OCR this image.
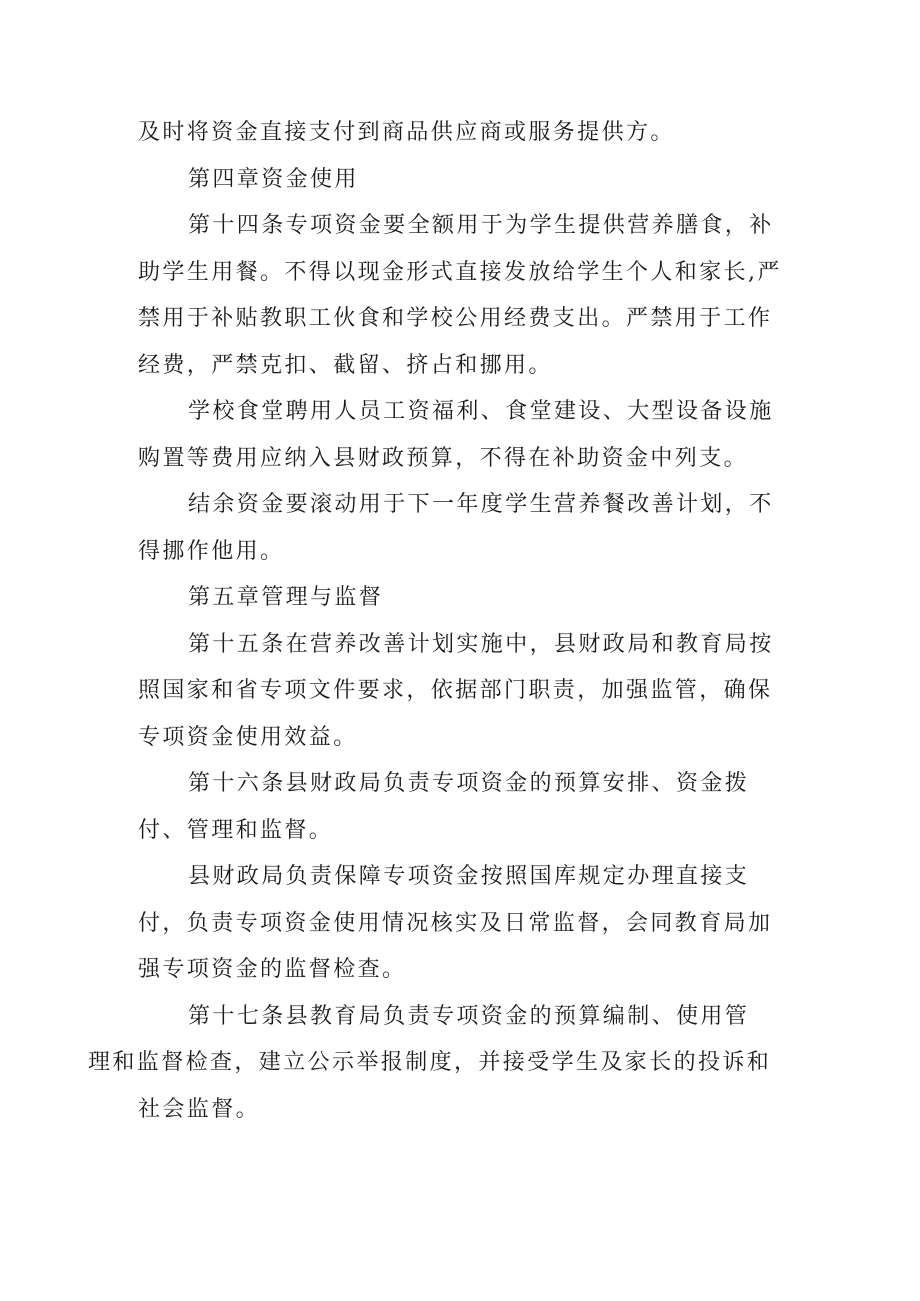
及时将资金直接支付到商品供应商或服务提供方。

第四章资金使用

第十四条专项资金要全额用于为学生提供营养膳食，补助学生用餐。不得以现金形式直接发放给学生个人和家长,严禁用于补贴教职工伙食和学校公用经费支出。严禁用于工作经费，严禁克扣、截留、挤占和挪用。

学校食堂聘用人员工资福利、食堂建设、大型设备设施购置等费用应纳入县财政预算，不得在补助资金中列支。

结余资金要滚动用于下一年度学生营养餐改善计划，不得挪作他用。

第五章管理与监督

第十五条在营养改善计划实施中，县财政局和教育局按照国家和省专项文件要求，依据部门职责，加强监管，确保专项资金使用效益。

第十六条县财政局负责专项资金的预算安排、资金拨付、管理和监督。

县财政局负责保障专项资金按照国库规定办理直接支付，负责专项资金使用情况核实及日常监督，会同教育局加强专项资金的监督检查。

第十七条县教育局负责专项资金的预算编制、使用管
理和监督检查，建立公示举报制度，并接受学生及家长的投诉和社会监督。
